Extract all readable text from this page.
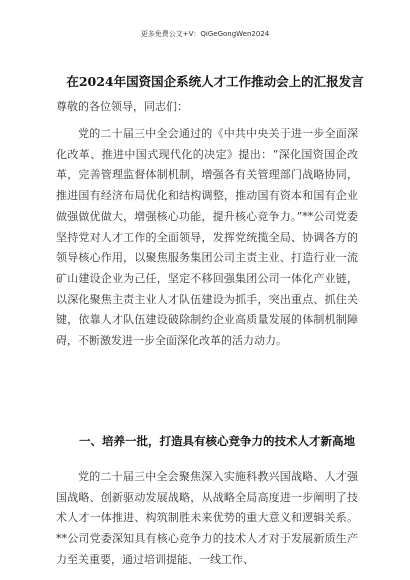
更多免费公文+V：QiGeGongWen2024
在2024年国资国企系统人才工作推动会上的汇报发言
尊敬的各位领导，同志们：

党的二十届三中全会通过的《中共中央关于进一步全面深化改革、推进中国式现代化的决定》提出：“深化国资国企改革，完善管理监督体制机制，增强各有关管理部门战略协同，推进国有经济布局优化和结构调整，推动国有资本和国有企业做强做优做大，增强核心功能，提升核心竞争力。”**公司党委坚持党对人才工作的全面领导，发挥党统揽全局、协调各方的领导核心作用，以聚焦服务集团公司主责主业、打造行业一流矿山建设企业为己任，坚定不移回强集团公司一体化产业链，以深化聚焦主责主业人才队伍建设为抓手，突出重点、抓住关键，依靠人才队伍建设破除制约企业高质量发展的体制机制障碍，不断激发进一步全面深化改革的活力动力。

一、培养一批，打造具有核心竞争力的技术人才新高地

党的二十届三中全会聚焦深入实施科教兴国战略、人才强国战略、创新驱动发展战略，从战略全局高度进一步阐明了技术人才一体推进、构筑制胜未来优势的重大意义和逻辑关系。**公司党委深知具有核心竞争力的技术人才对于发展新质生产力至关重要，通过培训提能、一线工作、
